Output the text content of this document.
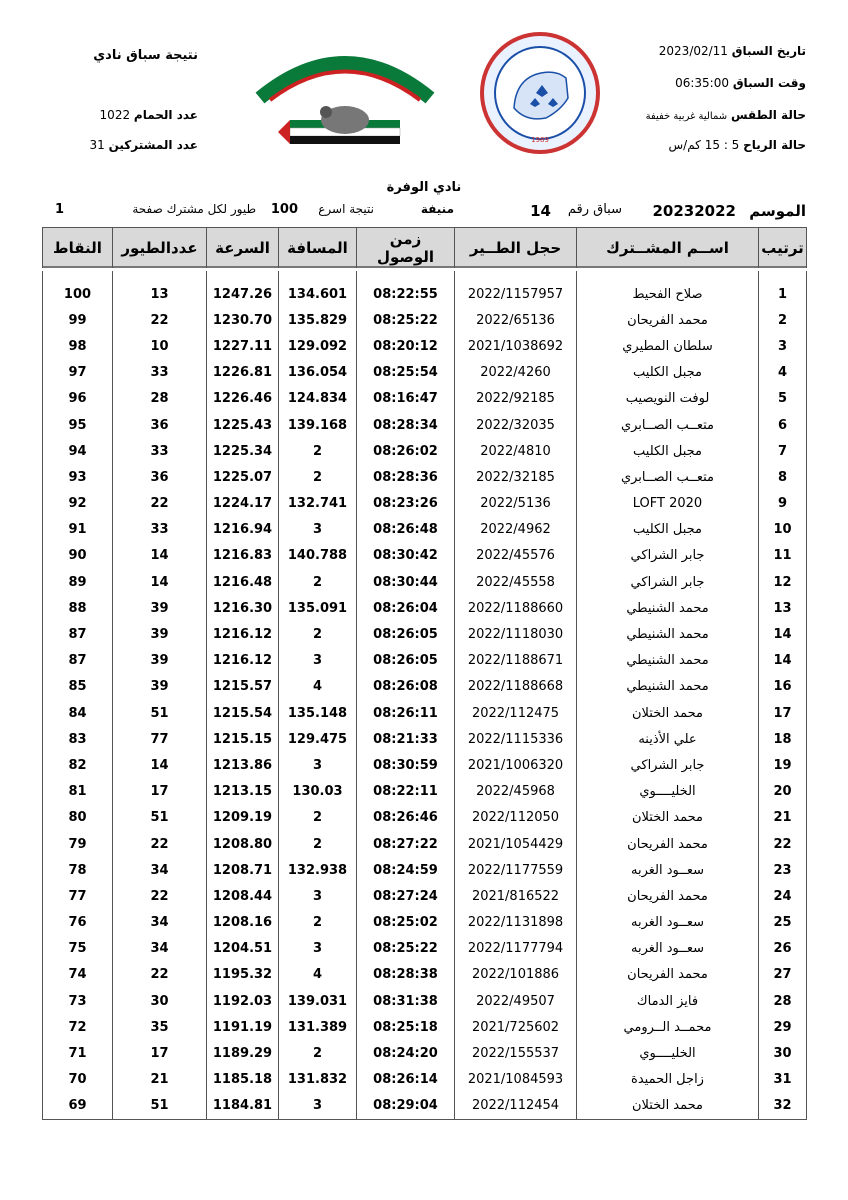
تاريخ السباق 2023/02/11
وقت السباق 06:35:00
حالة الطقس شمالية غربية خفيفة
حالة الرياح 5 : 15 كم/س
نتيجة سباق نادي
عدد الحمام 1022
عدد المشتركين 31	1989
نادي الوفرة
الموسم
20232022
سباق رقم
14
منيفة
نتيجة اسرع
100
طيور لكل مشترك صفحة
1
ترتيب	اســم المشــترك	حجل الطــير	زمن الوصول	المسافة	السرعة	عددالطيور	النقاط

1	صلاح الفحيط	2022/1157957	08:22:55	134.601	1247.26	13	100
2	محمد الفريحان	2022/65136	08:25:22	135.829	1230.70	22	99
3	سلطان المطيري	2021/1038692	08:20:12	129.092	1227.11	10	98
4	مجبل الكليب	2022/4260	08:25:54	136.054	1226.81	33	97
5	لوفت النويصيب	2022/92185	08:16:47	124.834	1226.46	28	96
6	متعــب الصــابري	2022/32035	08:28:34	139.168	1225.43	36	95
7	مجبل الكليب	2022/4810	08:26:02	2	1225.34	33	94
8	متعــب الصــابري	2022/32185	08:28:36	2	1225.07	36	93
9	LOFT 2020	2022/5136	08:23:26	132.741	1224.17	22	92
10	مجبل الكليب	2022/4962	08:26:48	3	1216.94	33	91
11	جابر الشراكي	2022/45576	08:30:42	140.788	1216.83	14	90
12	جابر الشراكي	2022/45558	08:30:44	2	1216.48	14	89
13	محمد الشنيطي	2022/1188660	08:26:04	135.091	1216.30	39	88
14	محمد الشنيطي	2022/1118030	08:26:05	2	1216.12	39	87
14	محمد الشنيطي	2022/1188671	08:26:05	3	1216.12	39	87
16	محمد الشنيطي	2022/1188668	08:26:08	4	1215.57	39	85
17	محمد الختلان	2022/112475	08:26:11	135.148	1215.54	51	84
18	علي الأذينه	2022/1115336	08:21:33	129.475	1215.15	77	83
19	جابر الشراكي	2021/1006320	08:30:59	3	1213.86	14	82
20	الخليــــوي	2022/45968	08:22:11	130.03	1213.15	17	81
21	محمد الختلان	2022/112050	08:26:46	2	1209.19	51	80
22	محمد الفريحان	2021/1054429	08:27:22	2	1208.80	22	79
23	سعــود الغربه	2022/1177559	08:24:59	132.938	1208.71	34	78
24	محمد الفريحان	2021/816522	08:27:24	3	1208.44	22	77
25	سعــود الغربه	2022/1131898	08:25:02	2	1208.16	34	76
26	سعــود الغربه	2022/1177794	08:25:22	3	1204.51	34	75
27	محمد الفريحان	2022/101886	08:28:38	4	1195.32	22	74
28	فايز الدماك	2022/49507	08:31:38	139.031	1192.03	30	73
29	محمــد الــرومي	2021/725602	08:25:18	131.389	1191.19	35	72
30	الخليــــوي	2022/155537	08:24:20	2	1189.29	17	71
31	زاجل الحميدة	2021/1084593	08:26:14	131.832	1185.18	21	70
32	محمد الختلان	2022/112454	08:29:04	3	1184.81	51	69
